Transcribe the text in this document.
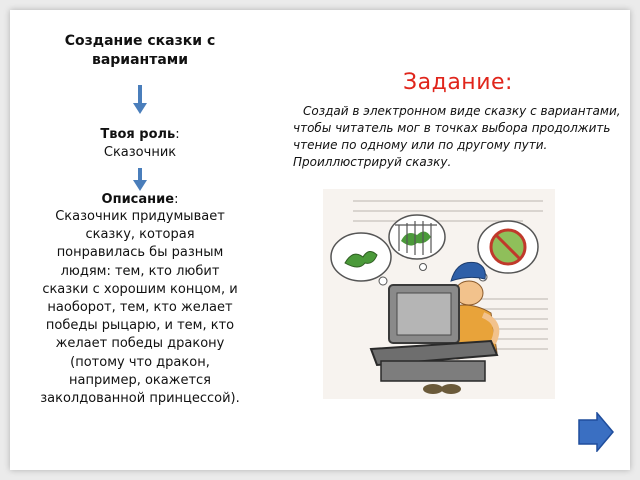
Создание сказки с вариантами

Твоя роль:
Сказочник
Описание:
Сказочник придумывает сказку, которая понравилась бы разным людям: тем, кто любит сказки с хорошим концом, и наоборот, тем, кто желает победы рыцарю, и тем, кто желает победы дракону (потому что дракон, например, окажется заколдованной принцессой).
Задание:
Создай в электронном виде сказку с вариантами, чтобы читатель мог в точках выбора продолжить чтение по одному или по другому пути. Проиллюстрируй сказку.
